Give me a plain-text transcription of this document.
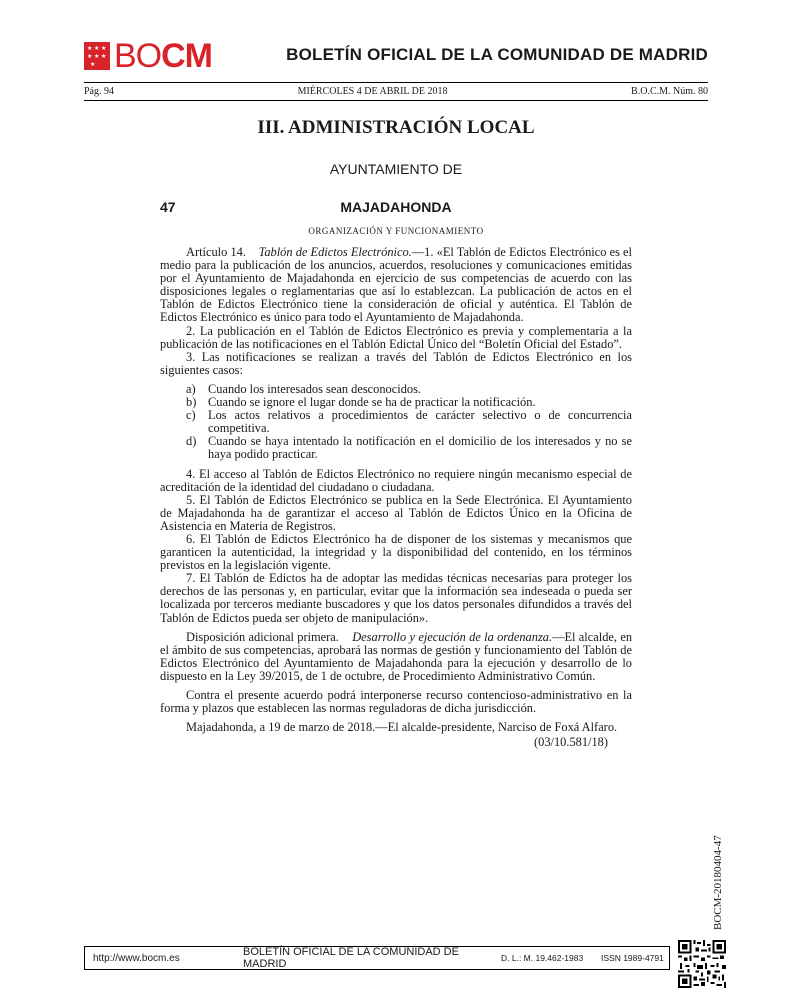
★ ★ ★
★ ★ ★
★ BOCM	BOLETÍN OFICIAL DE LA COMUNIDAD DE MADRID
Pág. 94	MIÉRCOLES 4 DE ABRIL DE 2018	B.O.C.M. Núm. 80
III. ADMINISTRACIÓN LOCAL
AYUNTAMIENTO DE
47	MAJADAHONDA
ORGANIZACIÓN Y FUNCIONAMIENTO

Artículo 14. Tablón de Edictos Electrónico.—1. «El Tablón de Edictos Electrónico es el medio para la publicación de los anuncios, acuerdos, resoluciones y comunicaciones emitidas por el Ayuntamiento de Majadahonda en ejercicio de sus competencias de acuerdo con las disposiciones legales o reglamentarias que así lo establezcan. La publicación de actos en el Tablón de Edictos Electrónico tiene la consideración de oficial y auténtica. El Tablón de Edictos Electrónico es único para todo el Ayuntamiento de Majadahonda.

2. La publicación en el Tablón de Edictos Electrónico es previa y complementaria a la publicación de las notificaciones en el Tablón Edictal Único del “Boletín Oficial del Estado”.

3. Las notificaciones se realizan a través del Tablón de Edictos Electrónico en los siguientes casos:

a) Cuando los interesados sean desconocidos.
b) Cuando se ignore el lugar donde se ha de practicar la notificación.
c) Los actos relativos a procedimientos de carácter selectivo o de concurrencia competitiva.
d) Cuando se haya intentado la notificación en el domicilio de los interesados y no se haya podido practicar.

4. El acceso al Tablón de Edictos Electrónico no requiere ningún mecanismo especial de acreditación de la identidad del ciudadano o ciudadana.

5. El Tablón de Edictos Electrónico se publica en la Sede Electrónica. El Ayuntamiento de Majadahonda ha de garantizar el acceso al Tablón de Edictos Único en la Oficina de Asistencia en Materia de Registros.

6. El Tablón de Edictos Electrónico ha de disponer de los sistemas y mecanismos que garanticen la autenticidad, la integridad y la disponibilidad del contenido, en los términos previstos en la legislación vigente.

7. El Tablón de Edictos ha de adoptar las medidas técnicas necesarias para proteger los derechos de las personas y, en particular, evitar que la información sea indeseada o pueda ser localizada por terceros mediante buscadores y que los datos personales difundidos a través del Tablón de Edictos pueda ser objeto de manipulación».

Disposición adicional primera. Desarrollo y ejecución de la ordenanza.—El alcalde, en el ámbito de sus competencias, aprobará las normas de gestión y funcionamiento del Tablón de Edictos Electrónico del Ayuntamiento de Majadahonda para la ejecución y desarrollo de lo dispuesto en la Ley 39/2015, de 1 de octubre, de Procedimiento Administrativo Común.

Contra el presente acuerdo podrá interponerse recurso contencioso-administrativo en la forma y plazos que establecen las normas reguladoras de dicha jurisdicción.

Majadahonda, a 19 de marzo de 2018.—El alcalde-presidente, Narciso de Foxá Alfaro.

(03/10.581/18)
BOCM-20180404-47
http://www.bocm.es	BOLETÍN OFICIAL DE LA COMUNIDAD DE MADRID	D. L.: M. 19.462-1983	ISSN 1989-4791
